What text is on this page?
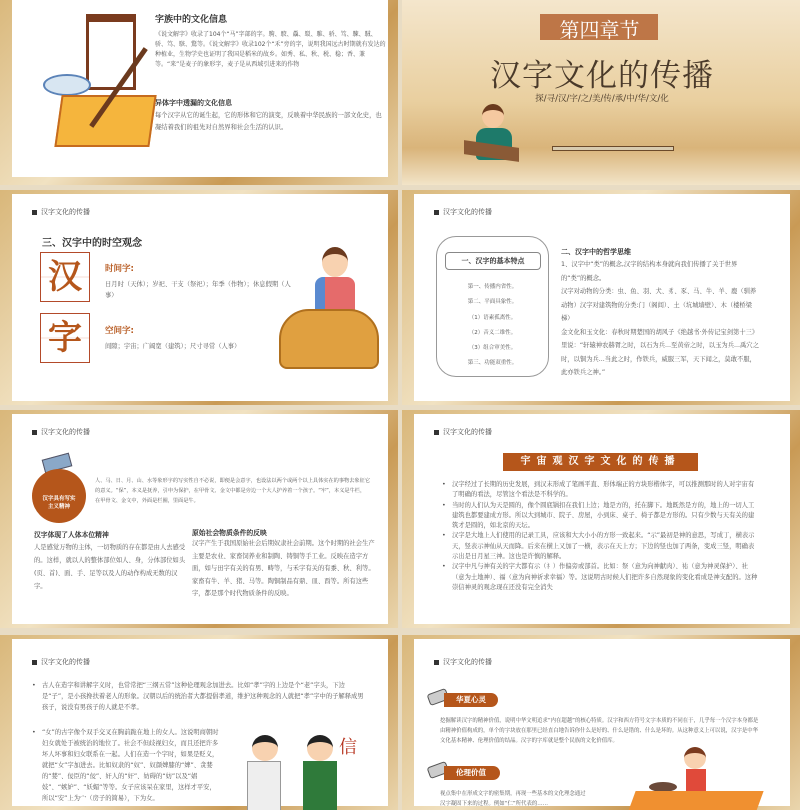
字族中的文化信息
《说文解字》收录了104个“马”字部的字。駒、駮、驫、駁、騅、骄、笃、駷、駥、骄、笃、駭、驚等。《说文解字》收录102个“禾”旁的字，说明我国远古时期就有发达的种植业，生物学史也证明了我国是稻米的故乡。如秀、私、秋、税、稳；香、兼等。“来”是麦子的象形字，麦子是从西域引进来的作物
异体字中透漏的文化信息
每个汉字从它的诞生起，它的形体和它的演变，反映着中华民族的一部文化史，也凝结着我们的祖先对自然界和社会生活的认识。
第四章节
汉字文化的传播
探/寻/汉/字/之/美/传/承/中/华/文/化
汉字文化的传播
三、汉字中的时空观念
汉
字
时间字:
日月时（天体）；岁祀、干支（祭祀）；年季（作物）；休息假期（人事）
空间字:
间隙；宇宙；广阔宽（建筑）；尺寸寻常（人事）
汉字文化的传播
一、汉字的基本特点
第一、传播内省性。
第二、平面具象性。
（1）语素孤离性。
（2）音义二维性。
（3）组合审美性。
第三、功能双重性。
二、汉字中的哲学思维
1、汉字中“类”的概念,汉字的结构本身就向我们传播了关于世界的“类”的概念。
汉字对动物的分类：虫、鱼、羽、犬、豸、豕、马、牛、羊、鹿（驯养动物）汉字对建筑物的分类:门（阁闾）、土（坑城墙壁）、木（楼桥梁梯）
金文化和玉文化：春秋时期楚国的胡风子《绝越书·外传记宝剑第十三》里说：“轩辕神农赫胥之时，以石为兵...至黄帝之时，以玉为兵...禹穴之时，以铜为兵...当此之时，作铁兵，威服三军，天下闻之，莫敢不服，此亦铁兵之神。”
汉字文化的传播
汉字具有写实主义精神
人、马、日、月、山、水等象形字的写实性自不必说，即便是会意字，也设法以两个或两个以上具体实在的事物去象征它的意义。“保”，本义是抚养，引申为保护，在甲骨文、金文中都是旁边一个大人护养着一个孩子。“牢”，本义是牛栏，在甲骨文、金文中，外面是栏圈，里面是牛。
汉字体现了人体本位精神
人是感觉万物的主体，一切物质的存在都是由人去感受的。这样，就以人的整体部位如人、身，分体部位如头(页、首)、面、手、足等以及人的动作构成无数的汉字。
原始社会物质条件的反映
汉字产生于我国原始社会后期奴隶社会前期。这个时期的社会生产主要是农业、家畜饲养业和制陶、铸铜等手工业。反映在造字方面，如与田字有关的有男、畴等，与禾字有关的有黍、秋、利等。家畜有牛、羊、猪、马等。陶铜制品有鼎、皿、酉等。所有这些字，都是那个时代物质条件的反映。
汉字文化的传播
宇宙观汉字文化的传播
• 汉字经过了长期的历史发展，到汉末形成了笔画平直、形体端正的方块形楷体字，可以推测那时的人对宇宙有了明确的看法，尽管这个看法是不科学的。
• 当时的人们认为天是圆的，像个圆底锅扣在我们上边；地是方的，托在脚下。地既然是方的，地上的一切人工建筑也都要建成方形。所以大到城市、院子、房屋，小到床、桌子、椅子都是方形的。只有少数与天有关的建筑才是圆的，如北京的天坛。
• 汉字是大地上人们使用的记录工具，应该和大大小小的方形一致起来。“示”最初是神的意思，写成丁，横表示天，竖表示神仙从天而降。后来在横上又加了一横，表示在天上方；下边的竖也加了两条，变成三竖，明确表示出是日月星三神。这也是许慎的解释。
• 汉字中凡与神有关的字大都有示（礻）作偏旁或部首。比如：祭（意为向神献肉）、祐（意为神灵保护）、社（意为土地神）、福（意为向神祈求幸福）等。这说明古时候人们把许多自然现象的变化看成是神支配的。这种崇信神灵的观念现在还没有完全消失
汉字文化的传播
• 古人在造字和讲解字义时，也常常把“三纲五常”这种伦理观念加进去。比如“孝”字的上边是个“老”字头，下边是“子”，是小孩搀扶着老人的形象。汉朝以后的统治者大都提倡孝道，维护这种观念的人就把“孝”字中的子解释成男孩子，说没有男孩子的人就是不孝。
• “女”的古字像个双手交叉在胸前跪在地上的女人。这说明商朝时妇女就处于被统治的地位了。社会不但歧视妇女，而且还把许多坏人坏事和妇女联系在一起。人们在造一个字时，如果是贬义，就把“女”字加进去。比如奴隶的“奴”、奴颜婢膝的“婢”、贪婪的“婪”、佞臣的“佞”、奸人的“奸”、妨碍的“妨”以及“娼妓”、“嫉妒”、“妖媚”等等。女子应该呆在家里，这样才平安，所以“安”上为宀（房子的简易），下为女。
信
汉字文化的传播
华夏心灵
挖掘解读汉字的精神价值，说明中华文明追求“内在超越”的核心特质。汉字和西方符号文字本质的不同在于，几乎每一个汉字本身都是由精神价值构成的，单个的字块放在那里已经直白地告诉你什么是好的、什么是错的、什么是坏的。从这种意义上可以说，汉字是中华文化基本精神、伦理价值的结晶。汉字的字库就是整个民族的文化价值库。
伦理价值
视点集中在形成文字的密集期，再现一些基本的文化理念通过汉字凝固下来的过程。例如“仁”所代表的……
